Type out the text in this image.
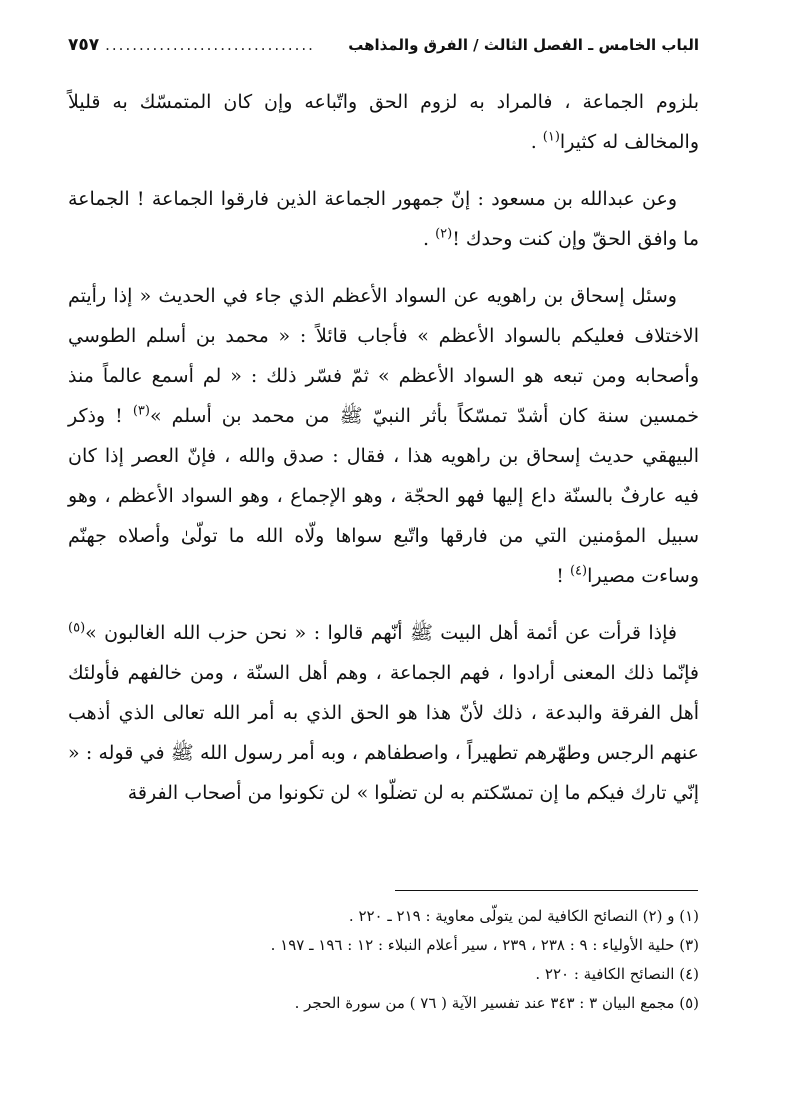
الباب الخامس ـ الفصل الثالث / الفرق والمذاهب
...............................
٧٥٧

بلزوم الجماعة ، فالمراد به لزوم الحق واتّباعه وإن كان المتمسّك به قليلاً والمخالف له كثيرا$^{(١)}$ .

وعن عبدالله بن مسعود : إنّ جمهور الجماعة الذين فارقوا الجماعة ! الجماعة ما وافق الحقّ وإن كنت وحدك !$^{(٢)}$ .

وسئل إسحاق بن راهويه عن السواد الأعظم الذي جاء في الحديث « إذا رأيتم الاختلاف فعليكم بالسواد الأعظم » فأجاب قائلاً : « محمد بن أسلم الطوسي وأصحابه ومن تبعه هو السواد الأعظم » ثمّ فسّر ذلك : « لم أسمع عالماً منذ خمسين سنة كان أشدّ تمسّكاً بأثر النبيّ ﷺ من محمد بن أسلم »$^{(٣)}$ ! وذكر البيهقي حديث إسحاق بن راهويه هذا ، فقال : صدق والله ، فإنّ العصر إذا كان فيه عارفٌ بالسنّة داع إليها فهو الحجّة ، وهو الإجماع ، وهو السواد الأعظم ، وهو سبيل المؤمنين التي من فارقها واتّبع سواها ولّاه الله ما تولّىٰ وأصلاه جهنّم وساءت مصيرا$^{(٤)}$ !

فإذا قرأت عن أئمة أهل البيت ﷺ أنّهم قالوا : « نحن حزب الله الغالبون »$^{(٥)}$ فإنّما ذلك المعنى أرادوا ، فهم الجماعة ، وهم أهل السنّة ، ومن خالفهم فأولئك أهل الفرقة والبدعة ، ذلك لأنّ هذا هو الحق الذي به أمر الله تعالى الذي أذهب عنهم الرجس وطهّرهم تطهيراً ، واصطفاهم ، وبه أمر رسول الله ﷺ في قوله : « إنّي تارك فيكم ما إن تمسّكتم به لن تضلّوا » لن تكونوا من أصحاب الفرقة

(١) و (٢) النصائح الكافية لمن يتولّى معاوية : ٢١٩ ـ ٢٢٠ .
(٣) حلية الأولياء : ٩ : ٢٣٨ ، ٢٣٩ ، سير أعلام النبلاء : ١٢ : ١٩٦ ـ ١٩٧ .
(٤) النصائح الكافية : ٢٢٠ .
(٥) مجمع البيان ٣ : ٣٤٣ عند تفسير الآية ( ٧٦ ) من سورة الحجر .
